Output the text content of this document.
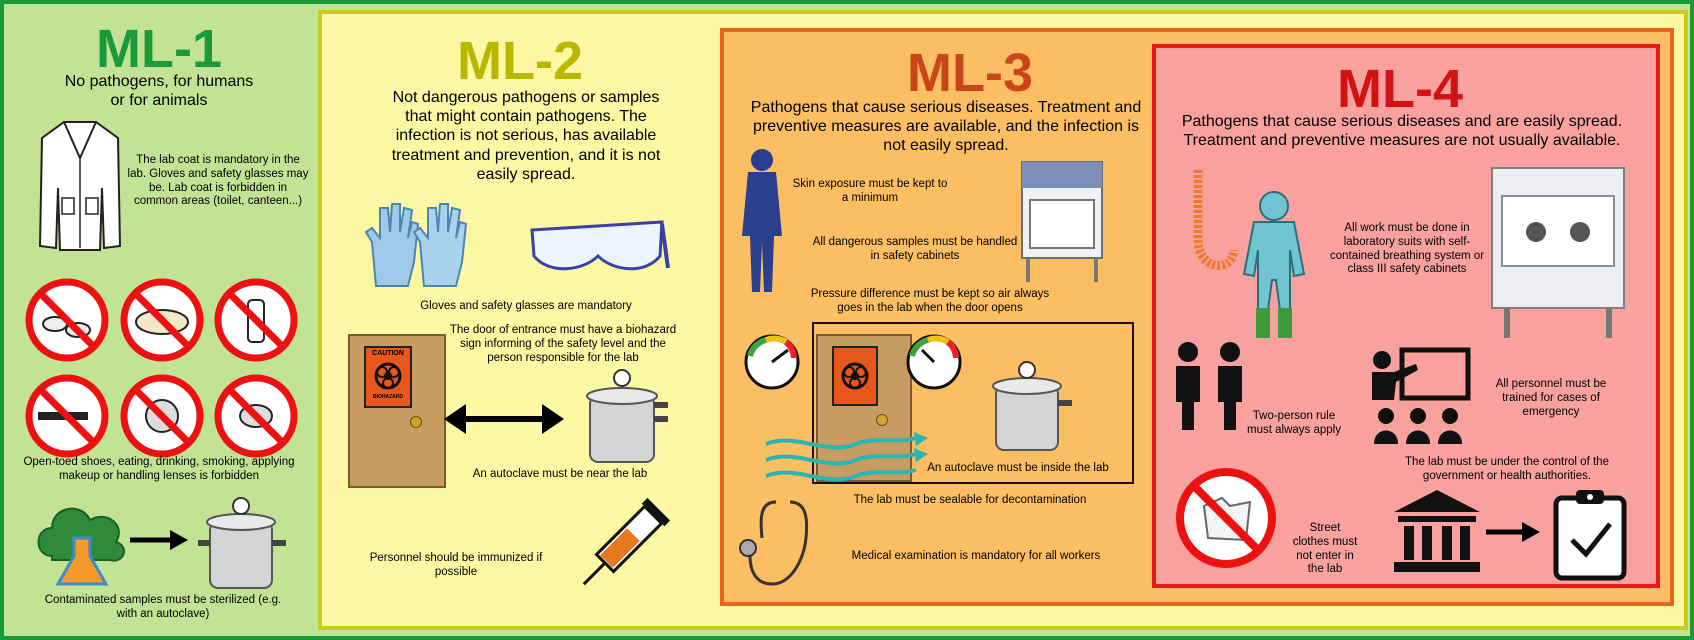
ML-1
No pathogens, for humans or for animals
The lab coat is mandatory in the lab. Gloves and safety glasses may be. Lab coat is forbidden in common areas (toilet, canteen...)
Open-toed shoes, eating, drinking, smoking, applying makeup or handling lenses is forbidden
Contaminated samples must be sterilized (e.g. with an autoclave)
ML-2
Not dangerous pathogens or samples that might contain pathogens. The infection is not serious, has available treatment and prevention, and it is not easily spread.
Gloves and safety glasses are mandatory
CAUTION
BIOHAZARD
The door of entrance must have a biohazard sign informing of the safety level and the person responsible for the lab
An autoclave must be near the lab
Personnel should be immunized if possible
ML-3
Pathogens that cause serious diseases. Treatment and preventive measures are available, and the infection is not easily spread.
Skin exposure must be kept to a minimum
All dangerous samples must be handled in safety cabinets
Pressure difference must be kept so air always goes in the lab when the door opens
An autoclave must be inside the lab
The lab must be sealable for decontamination
Medical examination is mandatory for all workers
ML-4
Pathogens that cause serious diseases and are easily spread. Treatment and preventive measures are not usually available.
All work must be done in laboratory suits with self-contained breathing system or class III safety cabinets
Two-person rule must always apply
All personnel must be trained for cases of emergency
The lab must be under the control of the government or health authorities.
Street clothes must not enter in the lab
